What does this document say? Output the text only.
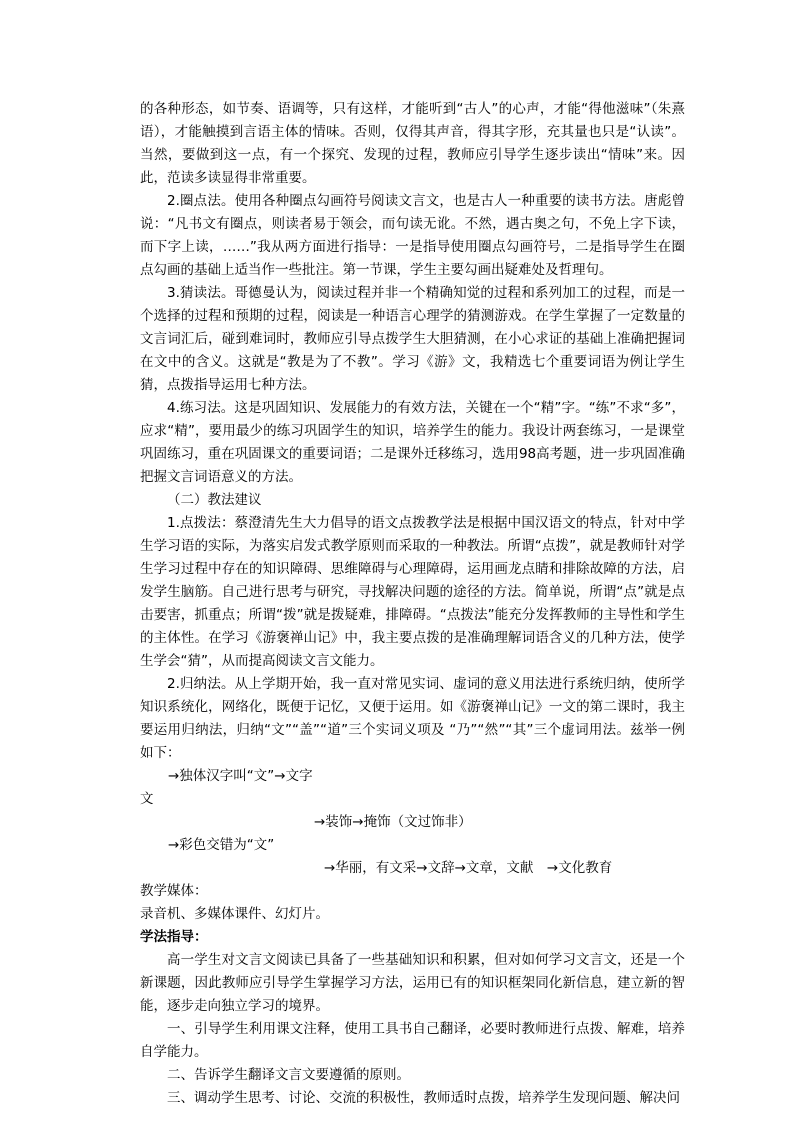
的各种形态，如节奏、语调等，只有这样，才能听到“古人”的心声，才能“得他滋味”（朱熹语），才能触摸到言语主体的情味。否则，仅得其声音，得其字形，充其量也只是“认读”。当然，要做到这一点，有一个探究、发现的过程，教师应引导学生逐步读出“情味”来。因此，范读多读显得非常重要。

2.圈点法。使用各种圈点勾画符号阅读文言文，也是古人一种重要的读书方法。唐彪曾说：“凡书文有圈点，则读者易于领会，而句读无讹。不然，遇古奥之句，不免上字下读，而下字上读，……”我从两方面进行指导：一是指导使用圈点勾画符号，二是指导学生在圈点勾画的基础上适当作一些批注。第一节课，学生主要勾画出疑难处及哲理句。

3.猜读法。哥德曼认为，阅读过程并非一个精确知觉的过程和系列加工的过程，而是一个选择的过程和预期的过程，阅读是一种语言心理学的猜测游戏。在学生掌握了一定数量的文言词汇后，碰到难词时，教师应引导点拨学生大胆猜测，在小心求证的基础上准确把握词在文中的含义。这就是“教是为了不教”。学习《游》文，我精选七个重要词语为例让学生猜，点拨指导运用七种方法。

4.练习法。这是巩固知识、发展能力的有效方法，关键在一个“精”字。“练”不求“多”，应求“精”，要用最少的练习巩固学生的知识，培养学生的能力。我设计两套练习，一是课堂巩固练习，重在巩固课文的重要词语；二是课外迁移练习，选用98高考题，进一步巩固准确把握文言词语意义的方法。

（二）教法建议

1.点拨法：蔡澄清先生大力倡导的语文点拨教学法是根据中国汉语文的特点，针对中学生学习语的实际，为落实启发式教学原则而采取的一种教法。所谓“点拨”，就是教师针对学生学习过程中存在的知识障碍、思维障碍与心理障碍，运用画龙点睛和排除故障的方法，启发学生脑筋。自己进行思考与研究，寻找解决问题的途径的方法。简单说，所谓“点”就是点击要害，抓重点；所谓“拨”就是拨疑难，排障碍。“点拨法”能充分发挥教师的主导性和学生的主体性。在学习《游褒禅山记》中，我主要点拨的是准确理解词语含义的几种方法，使学生学会“猜”，从而提高阅读文言文能力。

2.归纳法。从上学期开始，我一直对常见实词、虚词的意义用法进行系统归纳，使所学知识系统化，网络化，既便于记忆，又便于运用。如《游褒禅山记》一文的第二课时，我主要运用归纳法，归纳“文”“盖”“道”三个实词义项及 “乃”“然”“其”三个虚词用法。兹举一例如下：

→独体汉字叫“文”→文字
文
→装饰→掩饰（文过饰非）
→彩色交错为“文”
→华丽，有文采→文辞→文章，文献　→文化教育

教学媒体：

录音机、多媒体课件、幻灯片。

学法指导：

高一学生对文言文阅读已具备了一些基础知识和积累，但对如何学习文言文，还是一个新课题，因此教师应引导学生掌握学习方法，运用已有的知识框架同化新信息，建立新的智能，逐步走向独立学习的境界。

一、引导学生利用课文注释，使用工具书自己翻译，必要时教师进行点拨、解难，培养自学能力。

二、告诉学生翻译文言文要遵循的原则。

三、调动学生思考、讨论、交流的积极性，教师适时点拨，培养学生发现问题、解决问
